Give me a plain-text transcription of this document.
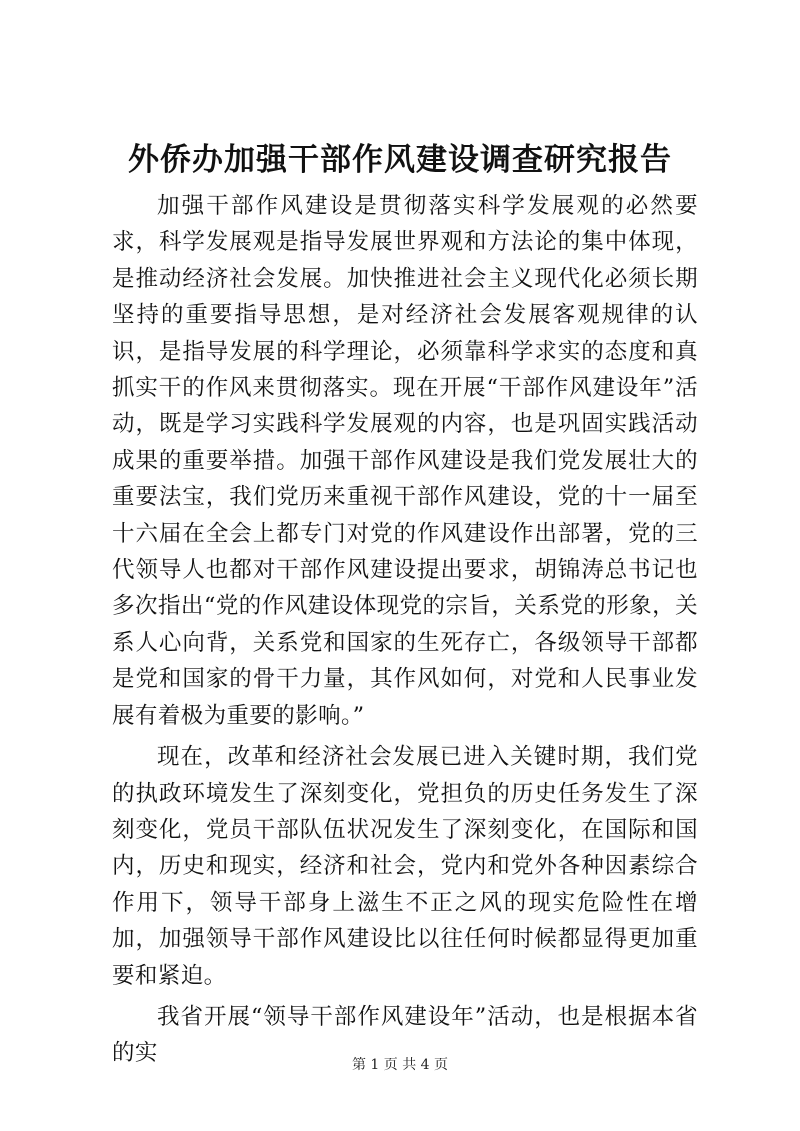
外侨办加强干部作风建设调查研究报告

加强干部作风建设是贯彻落实科学发展观的必然要求，科学发展观是指导发展世界观和方法论的集中体现，是推动经济社会发展。加快推进社会主义现代化必须长期坚持的重要指导思想，是对经济社会发展客观规律的认识，是指导发展的科学理论，必须靠科学求实的态度和真抓实干的作风来贯彻落实。现在开展“干部作风建设年”活动，既是学习实践科学发展观的内容，也是巩固实践活动成果的重要举措。加强干部作风建设是我们党发展壮大的重要法宝，我们党历来重视干部作风建设，党的十一届至十六届在全会上都专门对党的作风建设作出部署，党的三代领导人也都对干部作风建设提出要求，胡锦涛总书记也多次指出“党的作风建设体现党的宗旨，关系党的形象，关系人心向背，关系党和国家的生死存亡，各级领导干部都是党和国家的骨干力量，其作风如何，对党和人民事业发展有着极为重要的影响。”

现在，改革和经济社会发展已进入关键时期，我们党的执政环境发生了深刻变化，党担负的历史任务发生了深刻变化，党员干部队伍状况发生了深刻变化，在国际和国内，历史和现实，经济和社会，党内和党外各种因素综合作用下，领导干部身上滋生不正之风的现实危险性在增加，加强领导干部作风建设比以往任何时候都显得更加重要和紧迫。

我省开展“领导干部作风建设年”活动，也是根据本省的实	第 1 页 共 4 页
